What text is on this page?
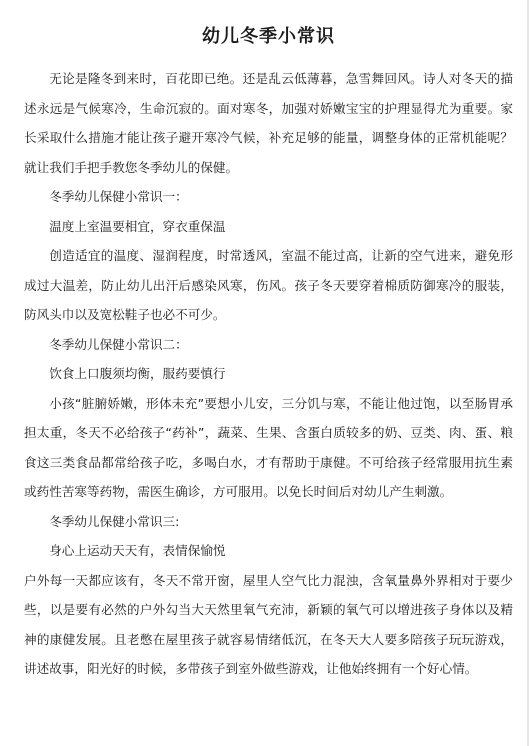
幼儿冬季小常识

无论是隆冬到来时，百花即已绝。还是乱云低薄暮，急雪舞回风。诗人对冬天的描述永远是气候寒冷，生命沉寂的。面对寒冬，加强对娇嫩宝宝的护理显得尤为重要。家长采取什么措施才能让孩子避开寒冷气候，补充足够的能量，调整身体的正常机能呢？就让我们手把手教您冬季幼儿的保健。

冬季幼儿保健小常识一：

温度上室温要相宜，穿衣重保温

创造适宜的温度、湿润程度，时常透风，室温不能过高，让新的空气进来，避免形成过大温差，防止幼儿出汗后感染风寒，伤风。孩子冬天要穿着棉质防御寒冷的服装，防风头巾以及宽松鞋子也必不可少。

冬季幼儿保健小常识二：

饮食上口腹须均衡，服药要慎行

小孩“脏腑娇嫩，形体未充”要想小儿安，三分饥与寒，不能让他过饱，以至肠胃承担太重，冬天不必给孩子“药补”，蔬菜、生果、含蛋白质较多的奶、豆类、肉、蛋、粮食这三类食品都常给孩子吃，多喝白水，才有帮助于康健。不可给孩子经常服用抗生素或药性苦寒等药物，需医生确诊，方可服用。以免长时间后对幼儿产生刺激。

冬季幼儿保健小常识三:

身心上运动天天有，表情保愉悦

户外每一天都应该有，冬天不常开窗，屋里人空气比力混浊，含氧量鼻外界相对于要少些，以是要有必然的户外勾当大天然里氧气充沛，新颖的氧气可以增进孩子身体以及精神的康健发展。且老憋在屋里孩子就容易情绪低沉，在冬天大人要多陪孩子玩玩游戏，讲述故事，阳光好的时候，多带孩子到室外做些游戏，让他始终拥有一个好心情。
